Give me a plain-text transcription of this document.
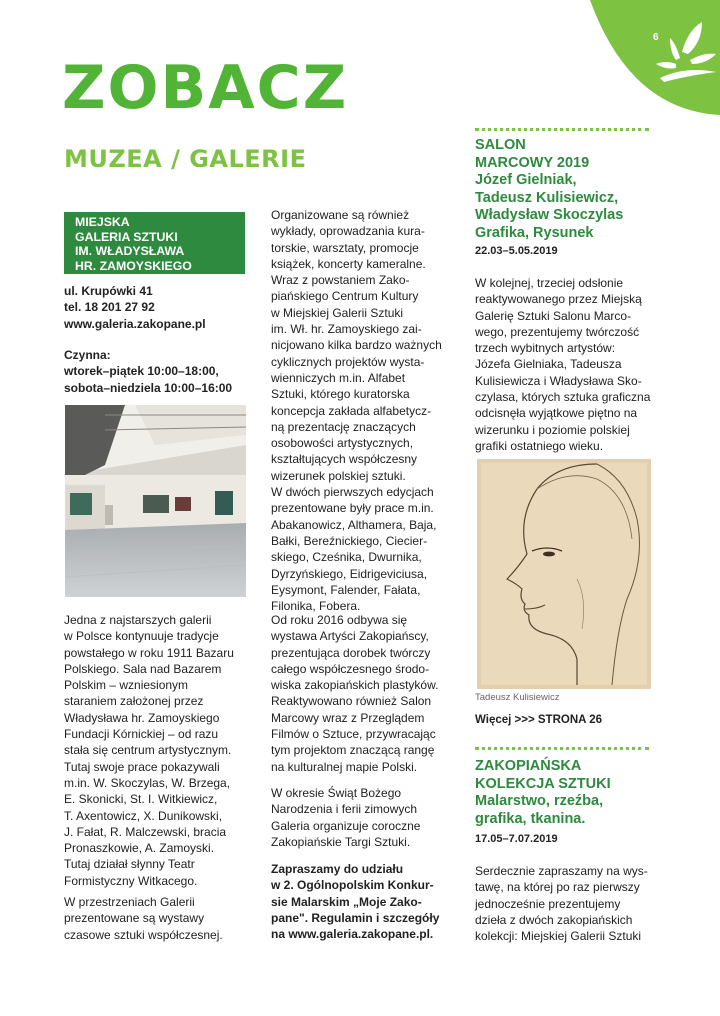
6
ZOBACZ
MUZEA / GALERIE
MIEJSKA
GALERIA SZTUKI
IM. WŁADYSŁAWA
HR. ZAMOYSKIEGO
ul. Krupówki 41
tel. 18 201 27 92
www.galeria.zakopane.pl
Czynna:
wtorek–piątek 10:00–18:00,
sobota–niedziela 10:00–16:00
Jedna z najstarszych galerii
w Polsce kontynuuje tradycje
powstałego w roku 1911 Bazaru
Polskiego. Sala nad Bazarem
Polskim – wzniesionym
staraniem założonej przez
Władysława hr. Zamoyskiego
Fundacji Kórnickiej – od razu
stała się centrum artystycznym.
Tutaj swoje prace pokazywali
m.in. W. Skoczylas, W. Brzega,
E. Skonicki, St. I. Witkiewicz,
T. Axentowicz, X. Dunikowski,
J. Fałat, R. Malczewski, bracia
Pronaszkowie, A. Zamoyski.
Tutaj działał słynny Teatr
Formistyczny Witkacego.
W przestrzeniach Galerii
prezentowane są wystawy
czasowe sztuki współczesnej.
Organizowane są również
wykłady, oprowadzania kura-
torskie, warsztaty, promocje
książek, koncerty kameralne.
Wraz z powstaniem Zako-
piańskiego Centrum Kultury
w Miejskiej Galerii Sztuki
im. Wł. hr. Zamoyskiego zai-
nicjowano kilka bardzo ważnych
cyklicznych projektów wysta-
wienniczych m.in. Alfabet
Sztuki, którego kuratorska
koncepcja zakłada alfabetycz-
ną prezentację znaczących
osobowości artystycznych,
kształtujących współczesny
wizerunek polskiej sztuki.
W dwóch pierwszych edycjach
prezentowane były prace m.in.
Abakanowicz, Althamera, Baja,
Bałki, Bereźnickiego, Ciecier-
skiego, Cześnika, Dwurnika,
Dyrzyńskiego, Eidrigeviciusa,
Eysymont, Falender, Fałata,
Filonika, Fobera.
Od roku 2016 odbywa się
wystawa Artyści Zakopiańscy,
prezentująca dorobek twórczy
całego współczesnego środo-
wiska zakopiańskich plastyków.
Reaktywowano również Salon
Marcowy wraz z Przeglądem
Filmów o Sztuce, przywracając
tym projektom znaczącą rangę
na kulturalnej mapie Polski.
W okresie Świąt Bożego
Narodzenia i ferii zimowych
Galeria organizuje coroczne
Zakopiańskie Targi Sztuki.
Zapraszamy do udziału
w 2. Ogólnopolskim Konkur-
sie Malarskim „Moje Zako-
pane". Regulamin i szczegóły
na www.galeria.zakopane.pl.
SALON
MARCOWY 2019
Józef Gielniak,
Tadeusz Kulisiewicz,
Władysław Skoczylas
Grafika, Rysunek
22.03–5.05.2019
W kolejnej, trzeciej odsłonie
reaktywowanego przez Miejską
Galerię Sztuki Salonu Marco-
wego, prezentujemy twórczość
trzech wybitnych artystów:
Józefa Gielniaka, Tadeusza
Kulisiewicza i Władysława Sko-
czylasa, których sztuka graficzna
odcisnęła wyjątkowe piętno na
wizerunku i poziomie polskiej
grafiki ostatniego wieku.
Tadeusz Kulisiewicz
Więcej >>> STRONA 26
ZAKOPIAŃSKA
KOLEKCJA SZTUKI
Malarstwo, rzeźba,
grafika, tkanina.
17.05–7.07.2019
Serdecznie zapraszamy na wys-
tawę, na której po raz pierwszy
jednocześnie prezentujemy
dzieła z dwóch zakopiańskich
kolekcji: Miejskiej Galerii Sztuki
